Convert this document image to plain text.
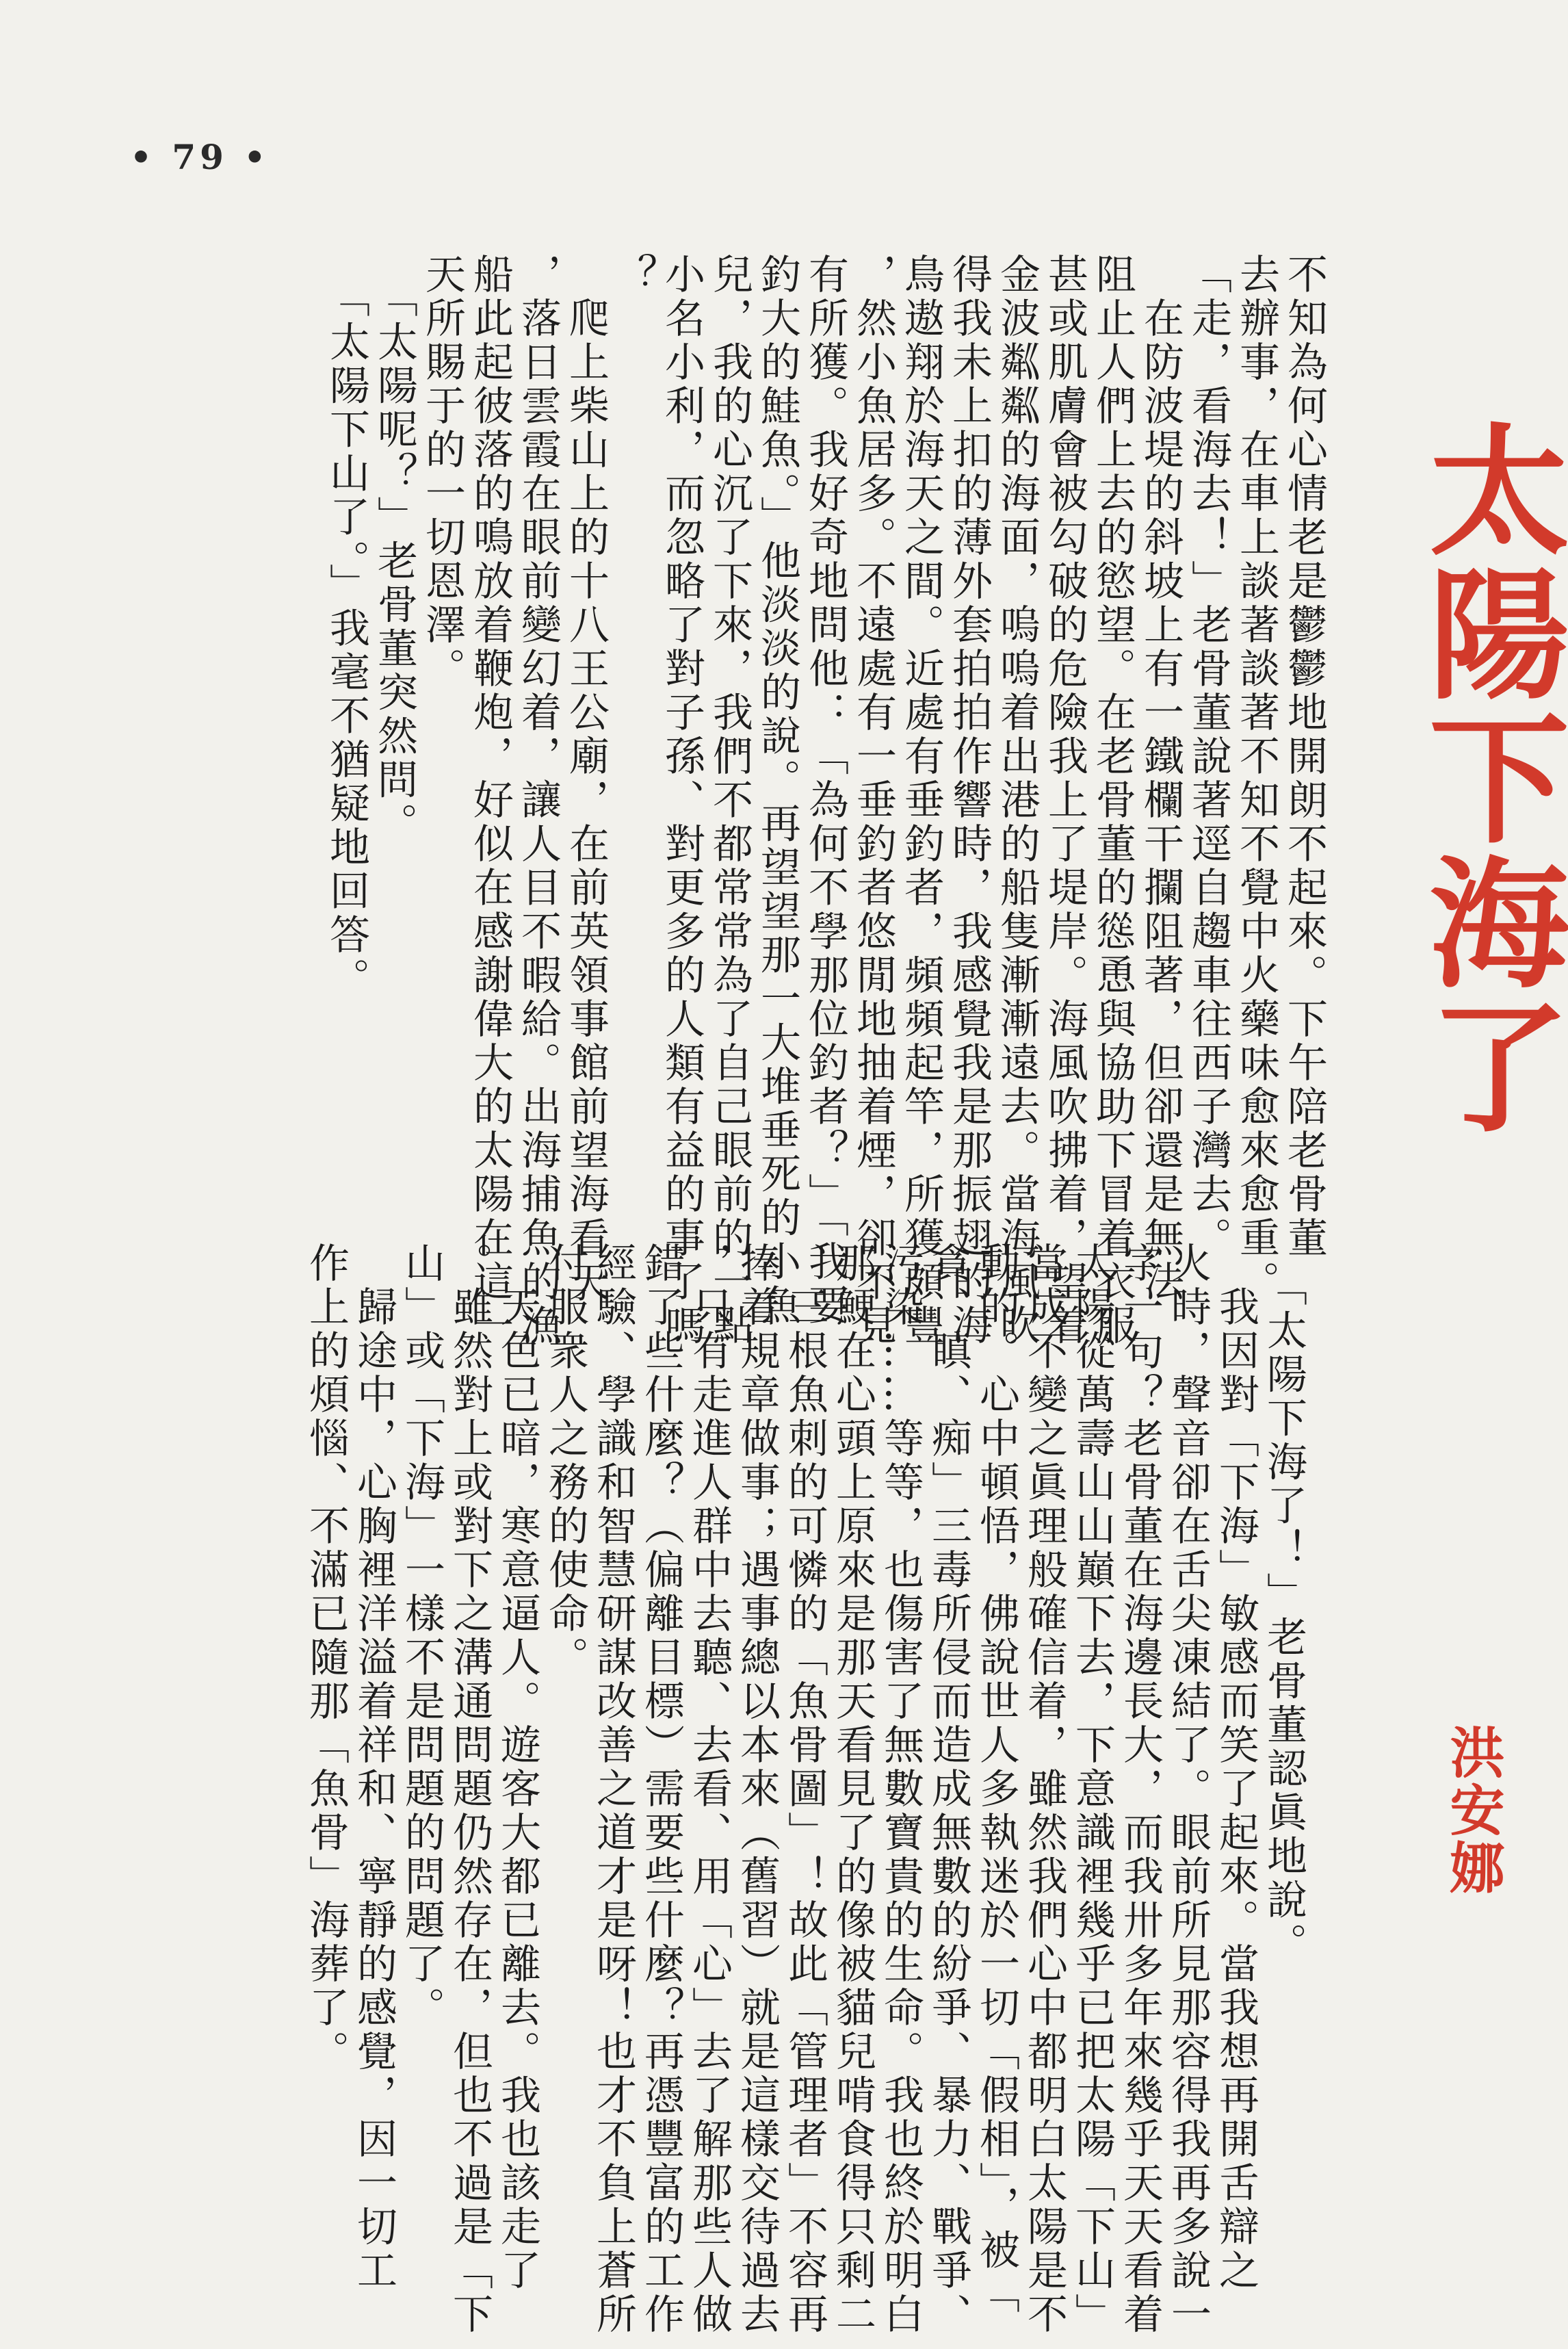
• 79 •
太陽下海了
洪安娜
不知為何心情老是鬱鬱地開朗不起來。下午陪老骨董
去辦事，在車上談著談著不知不覺中火藥味愈來愈重。
「走，看海去！」老骨董說著逕自趨車往西子灣去。
　在防波堤的斜坡上有一鐵欄干攔阻著，但卻還是無法
阻止人們上去的慾望。在老骨董的慫恿與協助下冒着衣服
甚或肌膚會被勾破的危險我上了堤岸。海風吹拂着，望着
金波粼粼的海面，嗚嗚着出港的船隻漸漸遠去。當海風吹
得我未上扣的薄外套拍拍作響時，我感覺我是那振翅的海
鳥遨翔於海天之間。近處有垂釣者，頻頻起竿，所獲頗豐
，然小魚居多。不遠處有一垂釣者悠閒地抽着煙，卻不見
有所獲。我好奇地問他：「為何不學那位釣者？」「我要
釣大的鮭魚。」他淡淡的說。再望望那一大堆垂死的小魚
兒，我的心沉了下來，我們不都常常為了自己眼前的一點
小名小利，而忽略了對子孫、對更多的人類有益的事了嗎
？
　爬上柴山上的十八王公廟，在前英領事館前望海看天
，落日雲霞在眼前變幻着，讓人目不暇給。出海捕魚的漁
船此起彼落的鳴放着鞭炮，好似在感謝偉大的太陽在這一
天所賜于的一切恩澤。
　「太陽呢？」老骨董突然問。
　「太陽下山了。」我毫不猶疑地回答。
　「太陽下海了！」老骨董認眞地說。
　我因對「下海」敏感而笑了起來。當我想再開舌辯之
火時，聲音卻在舌尖凍結了。眼前所見那容得我再多說一
字一句？老骨董在海邊長大，而我卅多年來幾乎天天看着
太陽從萬壽山山巔下去，下意識裡幾乎已把太陽「下山」
當成不變之眞理般確信着，雖然我們心中都明白太陽是不
動的。心中頓悟，佛說世人多執迷於一切「假相」，被「
貪、瞋、痴」三毒所侵而造成無數的紛爭、暴力、戰爭、
污染……等等，也傷害了無數寶貴的生命。我也終於明白
那鯁在心頭上原來是那天看見了的像被貓兒啃食得只剩二
、三根魚刺的可憐的「魚骨圖」！故此「管理者」不容再
捧着規章做事；遇事總以本來（舊習）就是這樣交待過去
，只有走進人群中去聽、去看、用「心」去了解那些人做
錯了些什麼？（偏離目標）需要些什麼？再憑豐富的工作
經驗、學識和智慧研謀改善之道才是呀！也才不負上蒼所
付服衆人之務的使命。
　天色已暗，寒意逼人。遊客大都已離去。我也該走了
。雖然對上或對下之溝通問題仍然存在，但也不過是「下
山」或「下海」一樣不是問題的問題了。
　歸途中，心胸裡洋溢着祥和、寧靜的感覺，因一切工
作上的煩惱、不滿已隨那「魚骨」海葬了。
